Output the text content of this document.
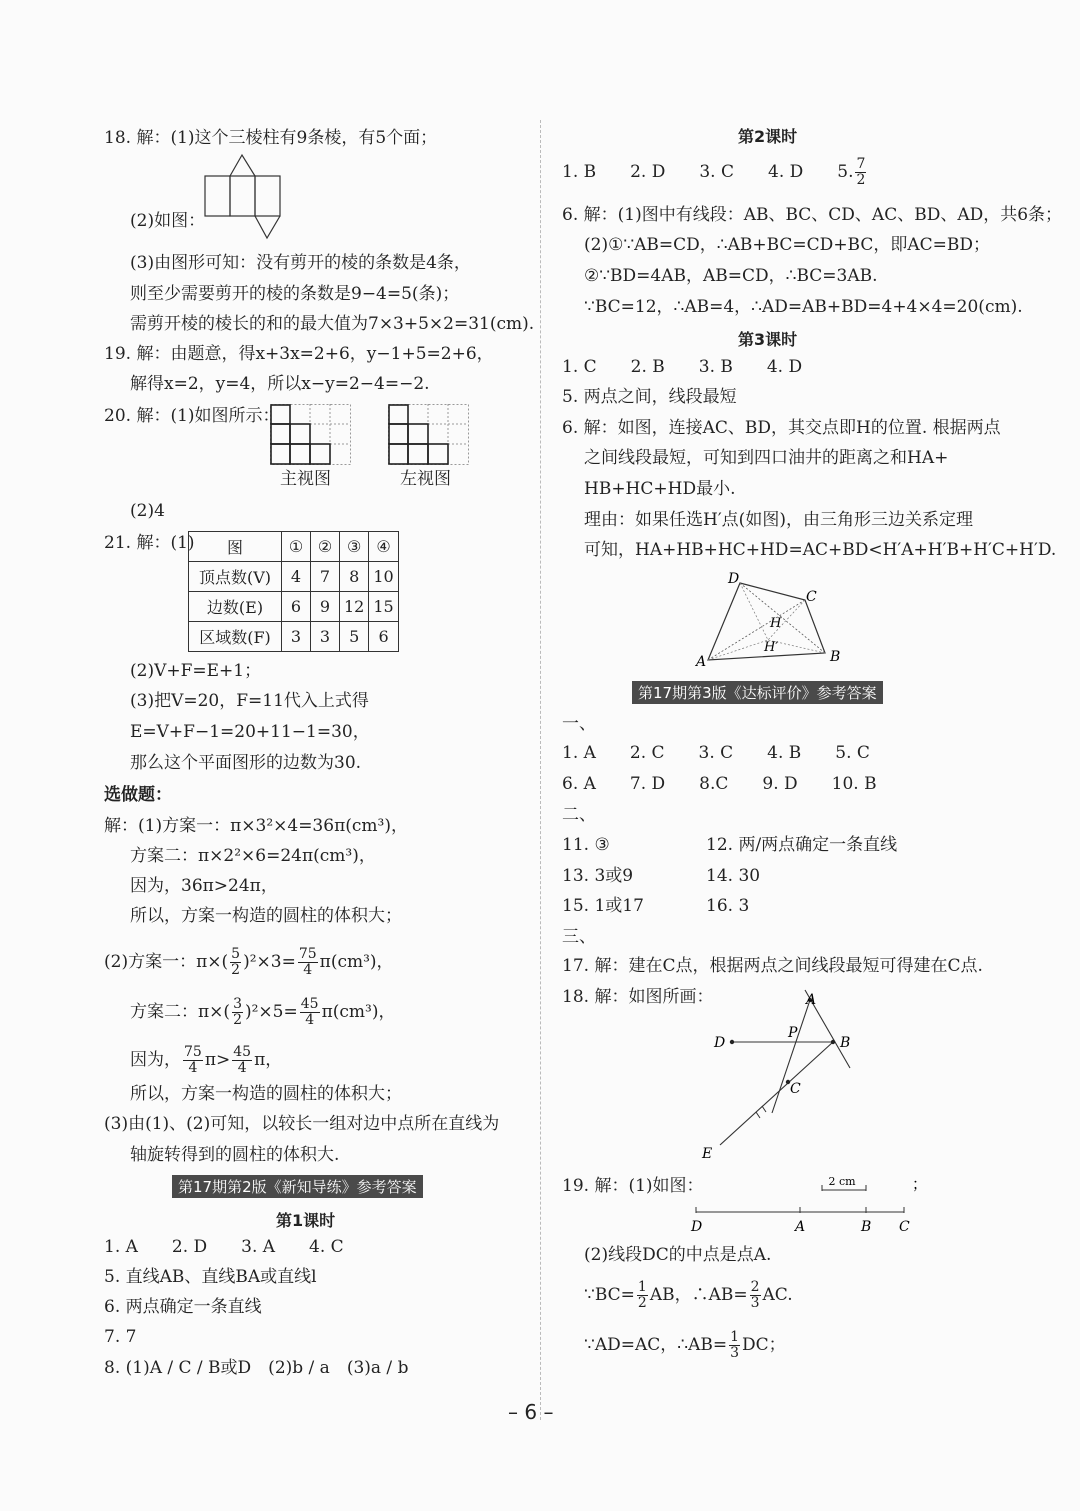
18. 解：(1)这个三棱柱有9条棱，有5个面；
(2)如图：
(3)由图形可知：没有剪开的棱的条数是4条，
则至少需要剪开的棱的条数是9−4=5(条)；
需剪开棱的棱长的和的最大值为7×3+5×2=31(cm).
19. 解：由题意，得x+3x=2+6，y−1+5=2+6，
解得x=2，y=4，所以x−y=2−4=−2.
20. 解：(1)如图所示：
主视图	左视图
(2)4
21. 解：(1) 图	①	②	③	④
顶点数(V)	4	7	8	10
边数(E)	6	9	12	15
区域数(F)	3	3	5	6
(2)V+F=E+1；
(3)把V=20，F=11代入上式得
E=V+F−1=20+11−1=30，
那么这个平面图形的边数为30.
选做题：
解：(1)方案一：π×3²×4=36π(cm³)，
方案二：π×2²×6=24π(cm³)，
因为，36π>24π，
所以，方案一构造的圆柱的体积大；
(2)方案一：$\pi\times( \frac{5}{2} )^2\times 3= \frac{75}{4} \pi(cm^3)$，
方案二：$\pi\times( \frac{3}{2} )^2\times 5= \frac{45}{4} \pi(cm^3)$，
因为， $\frac{75}{4} \pi> \frac{45}{4}$ π，
所以，方案一构造的圆柱的体积大；
(3)由(1)、(2)可知，以较长一组对边中点所在直线为
轴旋转得到的圆柱的体积大.
第17期第2版《新知导练》参考答案
第1课时
1. A　　2. D　　3. A　　4. C
5. 直线AB、直线BA或直线l
6. 两点确定一条直线
7. 7
8. (1)A / C / B或D　(2)b / a　(3)a / b
第2课时
1. B　　2. D　　3. C　　4. D　　5. $\frac{7}{2}$
6. 解：(1)图中有线段：AB、BC、CD、AC、BD、AD，共6条；
(2)①∵AB=CD，∴AB+BC=CD+BC，即AC=BD；
②∵BD=4AB，AB=CD，∴BC=3AB.
∵BC=12，∴AB=4，∴AD=AB+BD=4+4×4=20(cm).
第3课时
1. C　　2. B　　3. B　　4. D
5. 两点之间，线段最短
6. 解：如图，连接AC、BD，其交点即H的位置. 根据两点
之间线段最短，可知到四口油井的距离之和HA+
HB+HC+HD最小.
理由：如果任选H′点(如图)，由三角形三边关系定理
可知，HA+HB+HC+HD=AC+BD<H′A+H′B+H′C+H′D.
D
C
A	B
H
H′
第17期第3版《达标评价》参考答案
一、
1. A　　2. C　　3. C　　4. B　　5. C
6. A　　7. D　　8.C　　9. D　　10. B
二、
11. ③	12. 两/两点确定一条直线
13. 3或9	14. 30
15. 1或17	16. 3
三、
17. 解：建在C点，根据两点之间线段最短可得建在C点.
18. 解：如图所画：	A
B
C
D
E
P
19. 解：(1)如图：	2 cm	；
D	A	B C
(2)线段DC的中点是点A.
∵BC= $\frac{1}{2}$ AB，∴AB= $\frac{2}{3}$ AC.
∵AD=AC，∴AB= $\frac{1}{3}$ DC；
– 6 –
